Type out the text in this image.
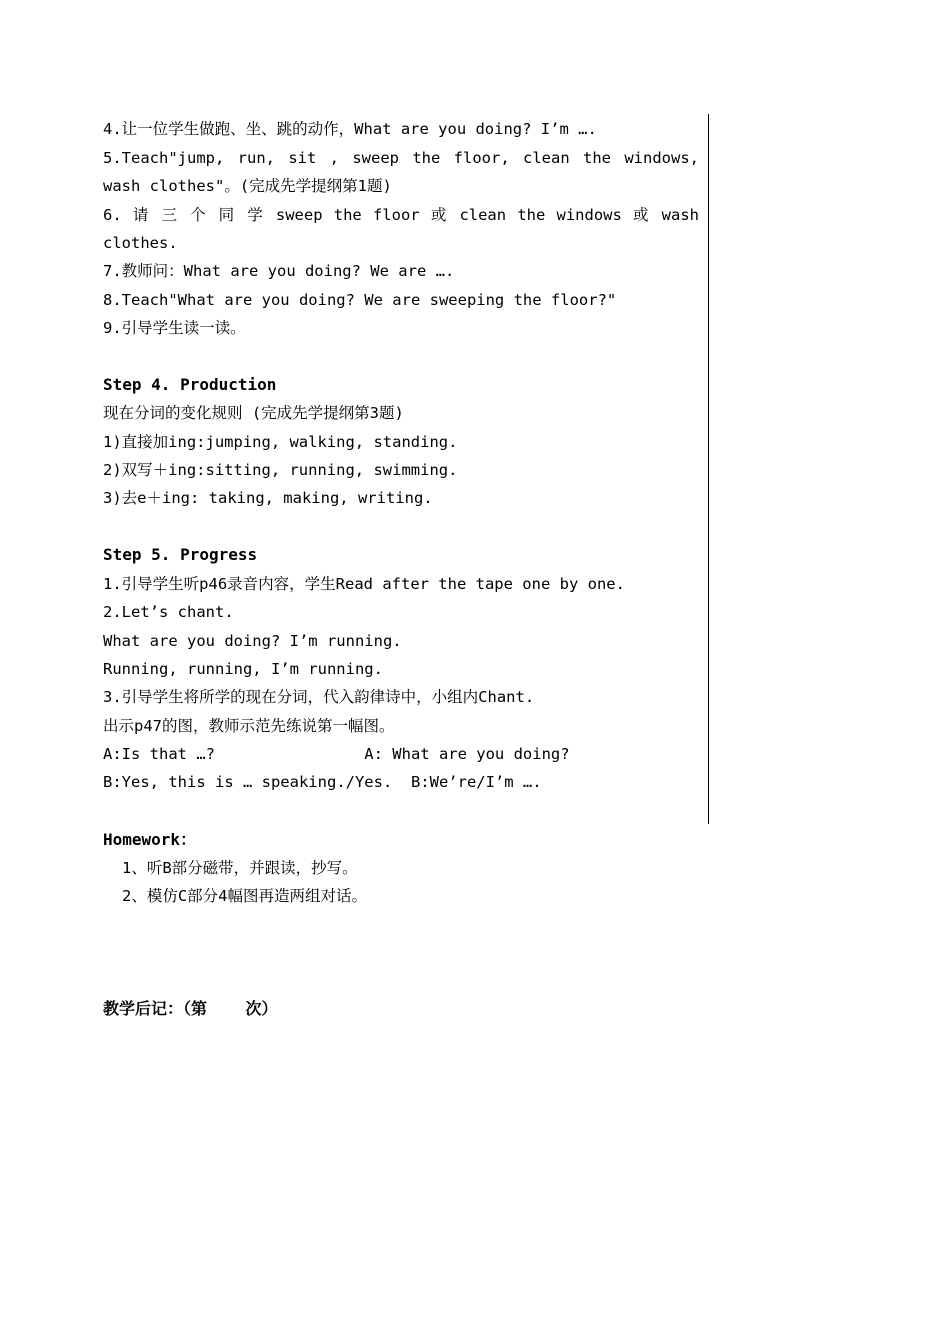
4.让一位学生做跑、坐、跳的动作，What are you doing? I’m ….
5.Teach"jump, run, sit , sweep the floor, clean the windows,
wash clothes"。(完成先学提纲第1题)
6. 请 三 个 同 学 sweep the floor 或 clean the windows 或 wash
clothes.
7.教师问：What are you doing? We are ….
8.Teach"What are you doing? We are sweeping the floor?"
9.引导学生读一读。
Step 4. Production
现在分词的变化规则 (完成先学提纲第3题)
1)直接加ing:jumping, walking, standing.
2)双写＋ing:sitting, running, swimming.
3)去e＋ing: taking, making, writing.
Step 5. Progress
1.引导学生听p46录音内容，学生Read after the tape one by one.
2.Let’s chant.
What are you doing? I’m running.
Running, running, I’m running.
3.引导学生将所学的现在分词，代入韵律诗中，小组内Chant.
出示p47的图，教师示范先练说第一幅图。
A:Is that …?                A: What are you doing?
B:Yes, this is … speaking./Yes.  B:We’re/I’m ….
Homework：
1、听B部分磁带，并跟读，抄写。
2、模仿C部分4幅图再造两组对话。
教学后记：（第    次）
